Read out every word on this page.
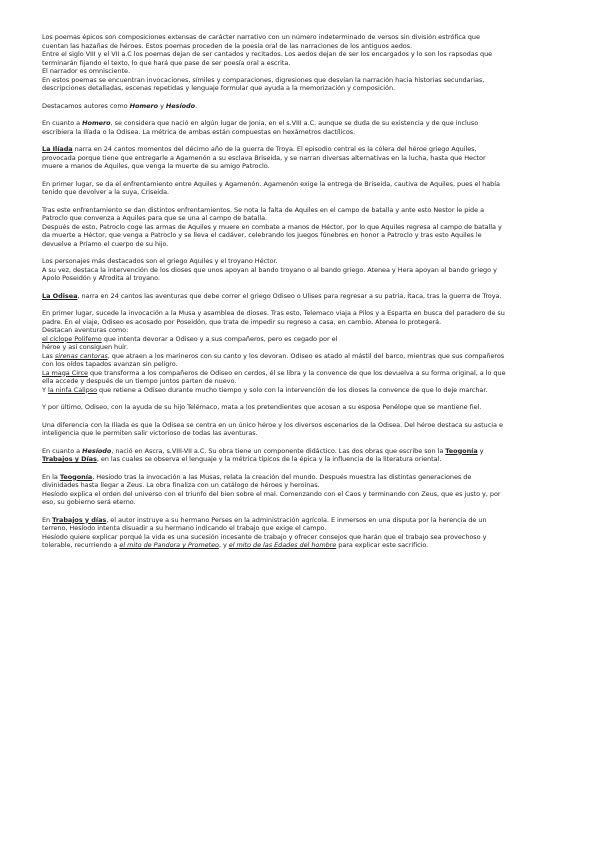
Los poemas épicos son composiciones extensas de carácter narrativo con un número indeterminado de versos sin división estrófica que
cuentan las hazañas de héroes. Estos poemas proceden de la poesía oral de las narraciones de los antiguos aedos.
Entre el siglo VIII y el VII a.C los poemas dejan de ser cantados y recitados. Los aedos dejan de ser los encargados y lo son los rapsodas que
terminarán fijando el texto, lo que hará que pase de ser poesía oral a escrita.
El narrador es omnisciente.
En estos poemas se encuentran invocaciones, símiles y comparaciones, digresiones que desvían la narración hacia historias secundarias,
descripciones detalladas, escenas repetidas y lenguaje formular que ayuda a la memorización y composición.
Destacamos autores como Homero y Hesíodo.
En cuanto a Homero, se considera que nació en algún lugar de Jonia, en el s.VIII a.C. aunque se duda de su existencia y de que incluso
escribiera la Ilíada o la Odisea. La métrica de ambas están compuestas en hexámetros dactílicos.
La Ilíada narra en 24 cantos momentos del décimo año de la guerra de Troya. El episodio central es la cólera del héroe griego Aquiles,
provocada porque tiene que entregarle a Agamenón a su esclava Briseida, y se narran diversas alternativas en la lucha, hasta que Hector
muere a manos de Aquiles, que venga la muerte de su amigo Patroclo.
En primer lugar, se da el enfrentamiento entre Aquiles y Agamenón. Agamenón exige la entrega de Briseida, cautiva de Aquiles, pues el había
tenido que devolver a la suya, Criseida.
Tras este enfrentamiento se dan distintos enfrentamientos. Se nota la falta de Aquiles en el campo de batalla y ante esto Nestor le pide a
Patroclo que convenza a Aquiles para que se una al campo de batalla.
Después de esto, Patroclo coge las armas de Aquiles y muere en combate a manos de Héctor, por lo que Aquiles regresa al campo de batalla y
da muerte a Héctor, que venga a Patroclo y se lleva el cadáver, celebrando los juegos fúnebres en honor a Patroclo y tras esto Aquiles le
devuelve a Príamo el cuerpo de su hijo.
Los personajes más destacados son el griego Aquiles y el troyano Héctor.
A su vez, destaca la intervención de los dioses que unos apoyan al bando troyano o al bando griego. Atenea y Hera apoyan al bando griego y
Apolo Poseidón y Afrodita al troyano.
La Odisea, narra en 24 cantos las aventuras que debe correr el griego Odiseo o Ulises para regresar a su patria, Ítaca, tras la guerra de Troya.
En primer lugar, sucede la invocación a la Musa y asamblea de dioses. Tras esto, Telemaco viaja a Pilos y a Esparta en busca del paradero de su
padre. En el viaje, Odiseo es acosado por Poseidón, que trata de impedir su regreso a casa, en cambio, Atenea lo protegerá.
Destacan aventuras como:
el cíclope Polifemo que intenta devorar a Odiseo y a sus compañeros, pero es cegado por el
héroe y así consiguen huir.
Las sirenas cantoras, que atraen a los marineros con su canto y los devoran. Odiseo es atado al mástil del barco, mientras que sus compañeros
con los oídos tapados avanzan sin peligro.
La maga Circe que transforma a los compañeros de Odiseo en cerdos, él se libra y la convence de que los devuelva a su forma original, a lo que
ella accede y después de un tiempo juntos parten de nuevo.
Y la ninfa Calipso que retiene a Odiseo durante mucho tiempo y solo con la intervención de los dioses la convence de que lo deje marchar.
Y por último, Odiseo, con la ayuda de su hijo Telémaco, mata a los pretendientes que acosan a su esposa Penélope que se mantiene fiel.
Una diferencia con la Ilíada es que la Odisea se centra en un único héroe y los diversos escenarios de la Odisea. Del héroe destaca su astucia e
inteligencia que le permiten salir victorioso de todas las aventuras.
En cuanto a Hesíodo, nació en Ascra, s.VIII-VII a.C. Su obra tiene un componente didáctico. Las dos obras que escribe son la Teogonía y
Trabajos y Días, en las cuales se observa el lenguaje y la métrica típicos de la épica y la influencia de la literatura oriental.
En la Teogonía, Hesiodo tras la invocación a las Musas, relata la creación del mundo. Después muestra las distintas generaciones de
divinidades hasta llegar a Zeus. La obra finaliza con un catálogo de héroes y heroínas.
Hesíodo explica el orden del universo con el triunfo del bien sobre el mal. Comenzando con el Caos y terminando con Zeus, que es justo y, por
eso, su gobierno será eterno.
En Trabajos y días, el autor instruye a su hermano Perses en la administración agrícola. E inmersos en una disputa por la herencia de un
terreno, Hesíodo intenta disuadir a su hermano indicando el trabajo que exige el campo.
Hesíodo quiere explicar porqué la vida es una sucesión incesante de trabajo y ofrecer consejos que harán que el trabajo sea provechoso y
tolerable, recurriendo a el mito de Pandora y Prometeo, y el mito de las Edades del hombre para explicar este sacrificio.
